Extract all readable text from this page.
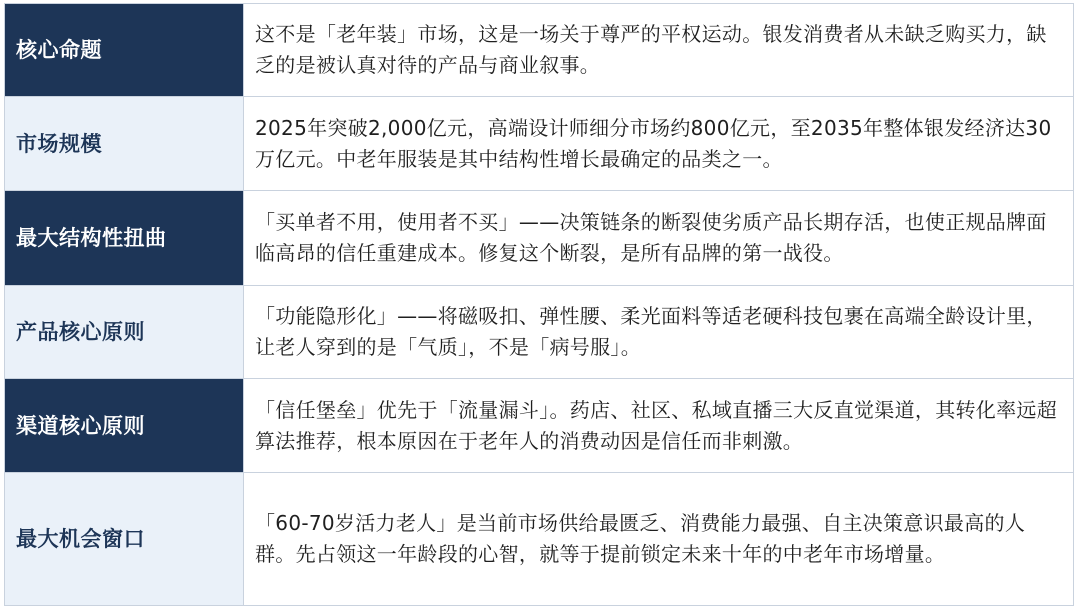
核心命题	这不是「老年装」市场，这是一场关于尊严的平权运动。银发消费者从未缺乏购买力，缺乏的是被认真对待的产品与商业叙事。
市场规模	2025年突破2,000亿元，高端设计师细分市场约800亿元，至2035年整体银发经济达30万亿元。中老年服装是其中结构性增长最确定的品类之一。
最大结构性扭曲	「买单者不用，使用者不买」——决策链条的断裂使劣质产品长期存活，也使正规品牌面临高昂的信任重建成本。修复这个断裂，是所有品牌的第一战役。
产品核心原则	「功能隐形化」——将磁吸扣、弹性腰、柔光面料等适老硬科技包裹在高端全龄设计里，让老人穿到的是「气质」，不是「病号服」。
渠道核心原则	「信任堡垒」优先于「流量漏斗」。药店、社区、私域直播三大反直觉渠道，其转化率远超算法推荐，根本原因在于老年人的消费动因是信任而非刺激。
最大机会窗口	「60-70岁活力老人」是当前市场供给最匮乏、消费能力最强、自主决策意识最高的人群。先占领这一年龄段的心智，就等于提前锁定未来十年的中老年市场增量。
